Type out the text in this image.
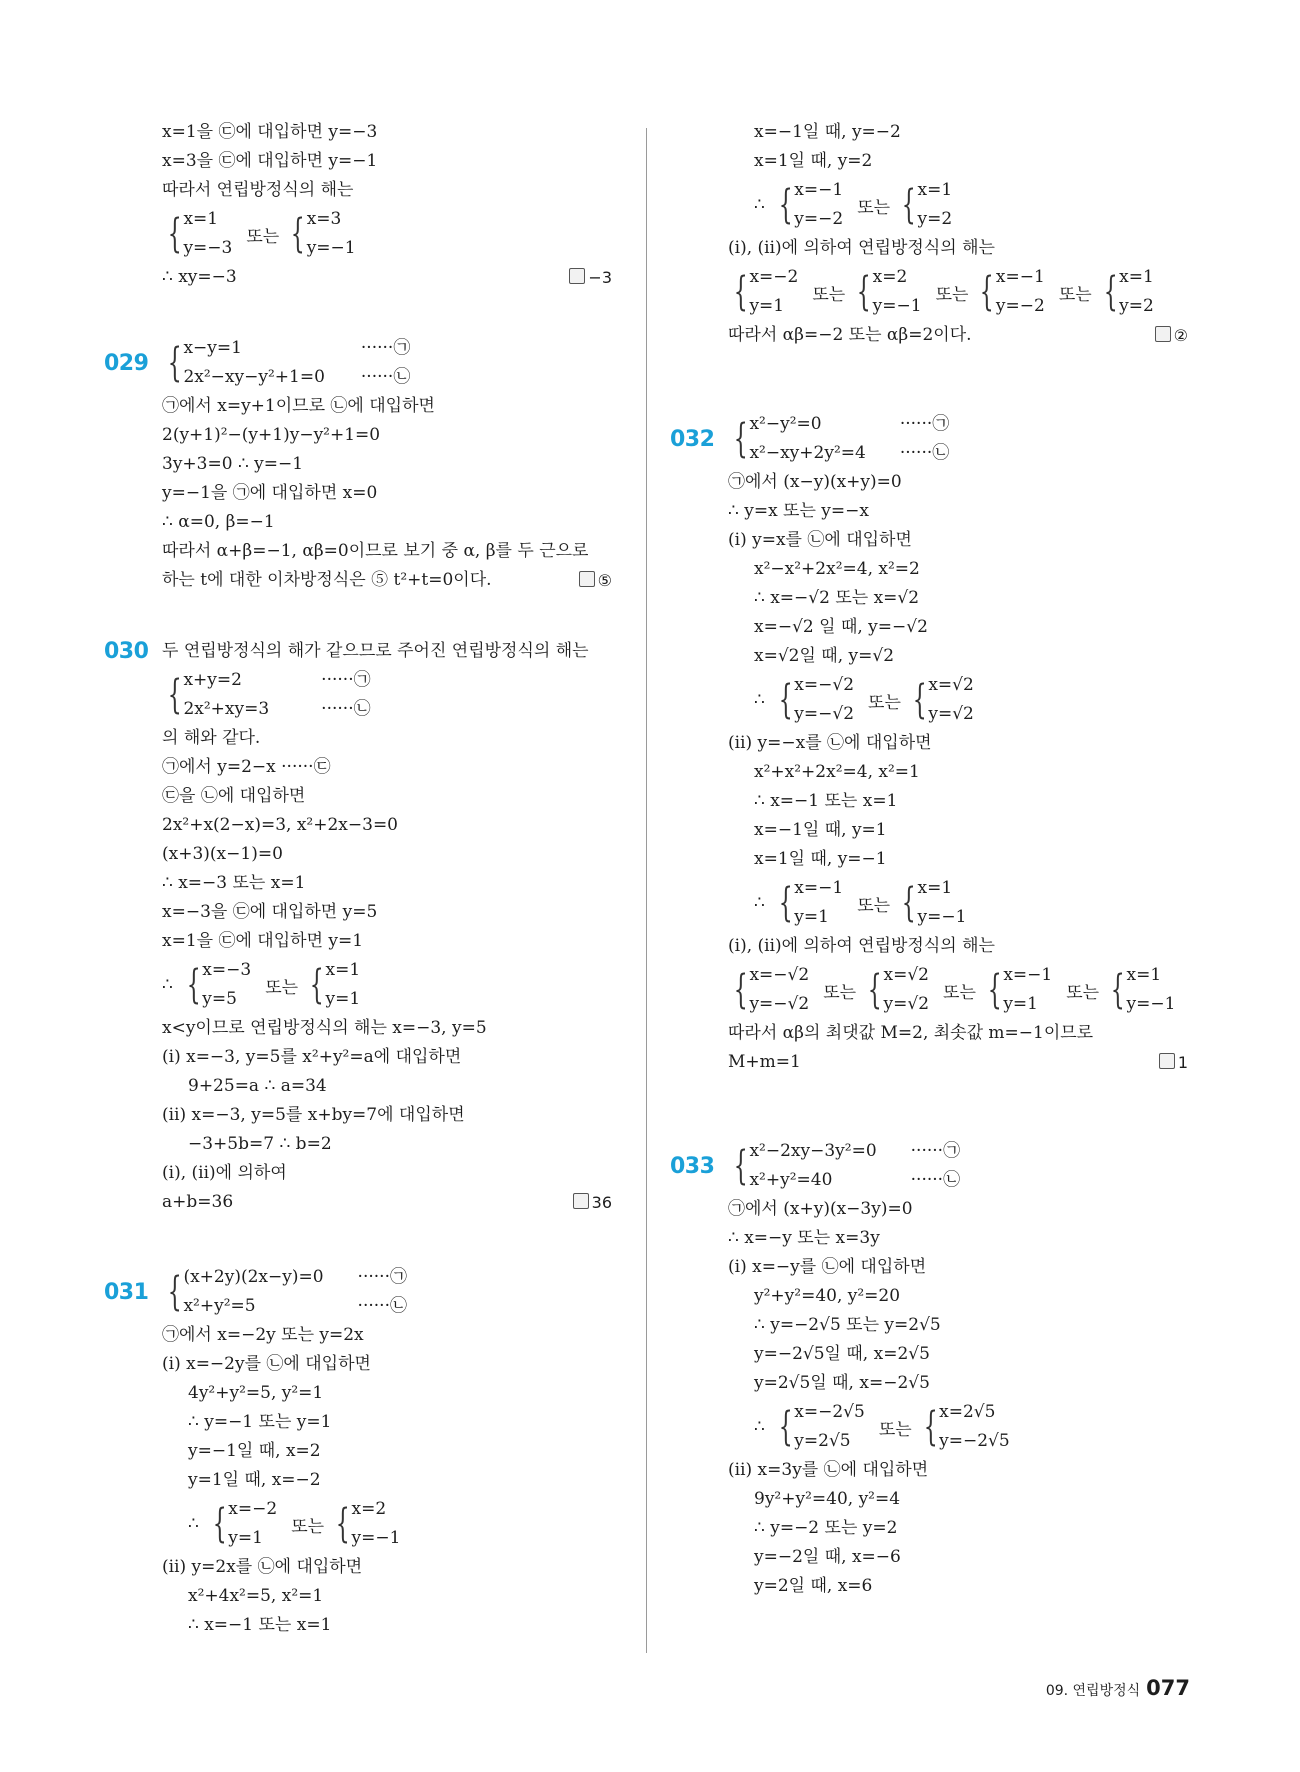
x=1을 ㉢에 대입하면 y=−3
x=3을 ㉢에 대입하면 y=−1
따라서 연립방정식의 해는
{ x=1
y=−3
또는 { x=3
y=−1
∴ xy=−3	−3
029 { x−y=1
2x²−xy−y²+1=0
······㉠
······㉡
㉠에서 x=y+1이므로 ㉡에 대입하면
2(y+1)²−(y+1)y−y²+1=0
3y+3=0 ∴ y=−1
y=−1을 ㉠에 대입하면 x=0
∴ α=0, β=−1
따라서 α+β=−1, αβ=0이므로 보기 중 α, β를 두 근으로
하는 t에 대한 이차방정식은 ⑤ t²+t=0이다.	⑤
030 두 연립방정식의 해가 같으므로 주어진 연립방정식의 해는
{ x+y=2
2x²+xy=3
······㉠
······㉡
의 해와 같다.
㉠에서 y=2−x ······㉢
㉢을 ㉡에 대입하면
2x²+x(2−x)=3, x²+2x−3=0
(x+3)(x−1)=0
∴ x=−3 또는 x=1
x=−3을 ㉢에 대입하면 y=5
x=1을 ㉢에 대입하면 y=1
∴ { x=−3
y=5
또는 { x=1
y=1
x<y이므로 연립방정식의 해는 x=−3, y=5
(ⅰ) x=−3, y=5를 x²+y²=a에 대입하면
9+25=a ∴ a=34
(ⅱ) x=−3, y=5를 x+by=7에 대입하면
−3+5b=7 ∴ b=2
(ⅰ), (ⅱ)에 의하여
a+b=36	36
031 { (x+2y)(2x−y)=0
x²+y²=5
······㉠
······㉡
㉠에서 x=−2y 또는 y=2x
(ⅰ) x=−2y를 ㉡에 대입하면
4y²+y²=5, y²=1
∴ y=−1 또는 y=1
y=−1일 때, x=2
y=1일 때, x=−2
∴ { x=−2
y=1
또는 { x=2
y=−1
(ⅱ) y=2x를 ㉡에 대입하면
x²+4x²=5, x²=1
∴ x=−1 또는 x=1
x=−1일 때, y=−2
x=1일 때, y=2
∴ { x=−1
y=−2
또는 { x=1
y=2
(ⅰ), (ⅱ)에 의하여 연립방정식의 해는
{ x=−2
y=1
또는 { x=2
y=−1
또는 { x=−1
y=−2
또는 { x=1
y=2
따라서 αβ=−2 또는 αβ=2이다.	②
032 { x²−y²=0
x²−xy+2y²=4
······㉠
······㉡
㉠에서 (x−y)(x+y)=0
∴ y=x 또는 y=−x
(ⅰ) y=x를 ㉡에 대입하면
x²−x²+2x²=4, x²=2
∴ x=−√2 또는 x=√2
x=−√2 일 때, y=−√2
x=√2일 때, y=√2
∴ { x=−√2
y=−√2
또는 { x=√2
y=√2
(ⅱ) y=−x를 ㉡에 대입하면
x²+x²+2x²=4, x²=1
∴ x=−1 또는 x=1
x=−1일 때, y=1
x=1일 때, y=−1
∴ { x=−1
y=1
또는 { x=1
y=−1
(ⅰ), (ⅱ)에 의하여 연립방정식의 해는
{ x=−√2
y=−√2
또는 { x=√2
y=√2
또는 { x=−1
y=1
또는 { x=1
y=−1
따라서 αβ의 최댓값 M=2, 최솟값 m=−1이므로
M+m=1	1
033 { x²−2xy−3y²=0
x²+y²=40
······㉠
······㉡
㉠에서 (x+y)(x−3y)=0
∴ x=−y 또는 x=3y
(ⅰ) x=−y를 ㉡에 대입하면
y²+y²=40, y²=20
∴ y=−2√5 또는 y=2√5
y=−2√5일 때, x=2√5
y=2√5일 때, x=−2√5
∴ { x=−2√5
y=2√5
또는 { x=2√5
y=−2√5
(ⅱ) x=3y를 ㉡에 대입하면
9y²+y²=40, y²=4
∴ y=−2 또는 y=2
y=−2일 때, x=−6
y=2일 때, x=6
09. 연립방정식 077
